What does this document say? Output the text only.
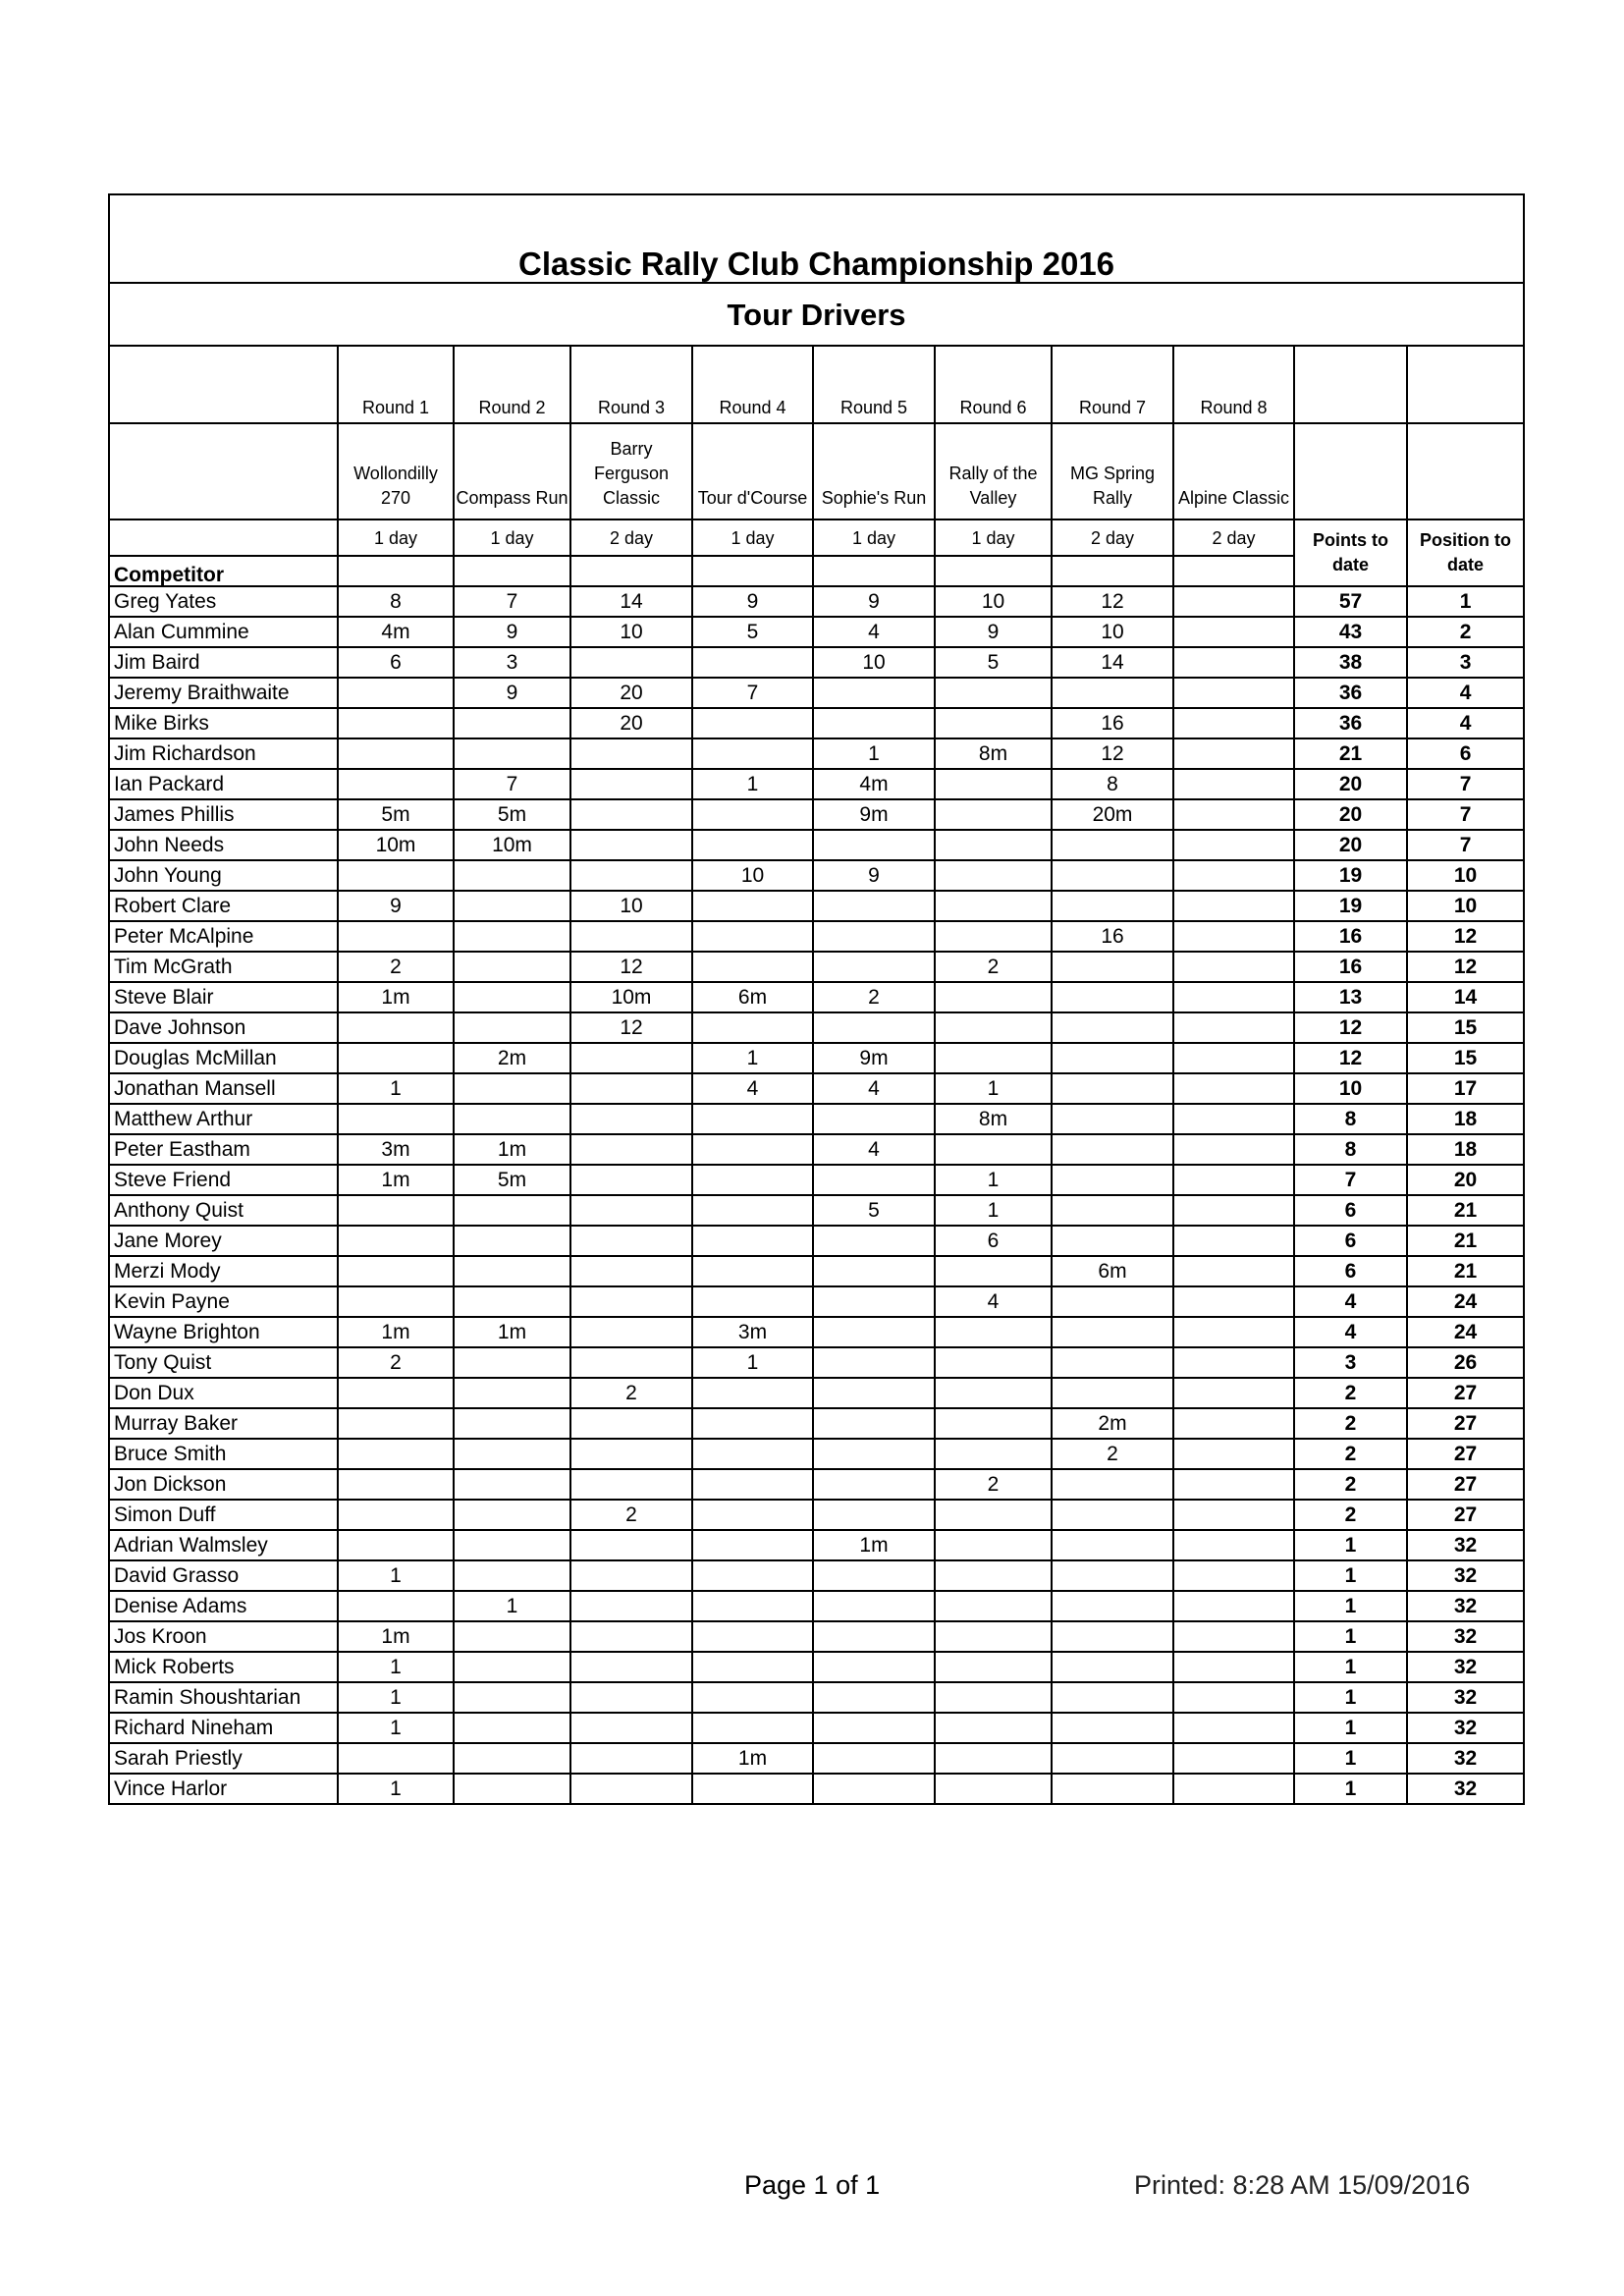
Classic Rally Club Championship 2016										
Tour Drivers										
	Round 1	Round 2	Round 3	Round 4	Round 5	Round 6	Round 7	Round 8		
	Wollondilly 270	Compass Run	Barry Ferguson Classic	Tour d'Course	Sophie's Run	Rally of the Valley	MG Spring Rally	Alpine Classic		
	1 day	1 day	2 day	1 day	1 day	1 day	2 day	2 day	Points to date	Position to date
Competitor										
Greg Yates	8	7	14	9	9	10	12		57	1
Alan Cummine	4m	9	10	5	4	9	10		43	2
Jim Baird	6	3			10	5	14		38	3
Jeremy Braithwaite		9	20	7					36	4
Mike Birks			20				16		36	4
Jim Richardson					1	8m	12		21	6
Ian Packard		7		1	4m		8		20	7
James Phillis	5m	5m			9m		20m		20	7
John Needs	10m	10m							20	7
John Young				10	9				19	10
Robert Clare	9		10						19	10
Peter McAlpine							16		16	12
Tim McGrath	2		12			2			16	12
Steve Blair	1m		10m	6m	2				13	14
Dave Johnson			12						12	15
Douglas McMillan		2m		1	9m				12	15
Jonathan Mansell	1			4	4	1			10	17
Matthew Arthur						8m			8	18
Peter Eastham	3m	1m			4				8	18
Steve Friend	1m	5m				1			7	20
Anthony Quist					5	1			6	21
Jane Morey						6			6	21
Merzi Mody							6m		6	21
Kevin Payne						4			4	24
Wayne Brighton	1m	1m		3m					4	24
Tony Quist	2			1					3	26
Don Dux			2						2	27
Murray Baker							2m		2	27
Bruce Smith							2		2	27
Jon Dickson						2			2	27
Simon Duff			2						2	27
Adrian Walmsley					1m				1	32
David Grasso	1								1	32
Denise Adams		1							1	32
Jos Kroon	1m								1	32
Mick Roberts	1								1	32
Ramin Shoushtarian	1								1	32
Richard Nineham	1								1	32
Sarah Priestly				1m					1	32
Vince Harlor	1								1	32
Page 1 of 1	Printed: 8:28 AM 15/09/2016
